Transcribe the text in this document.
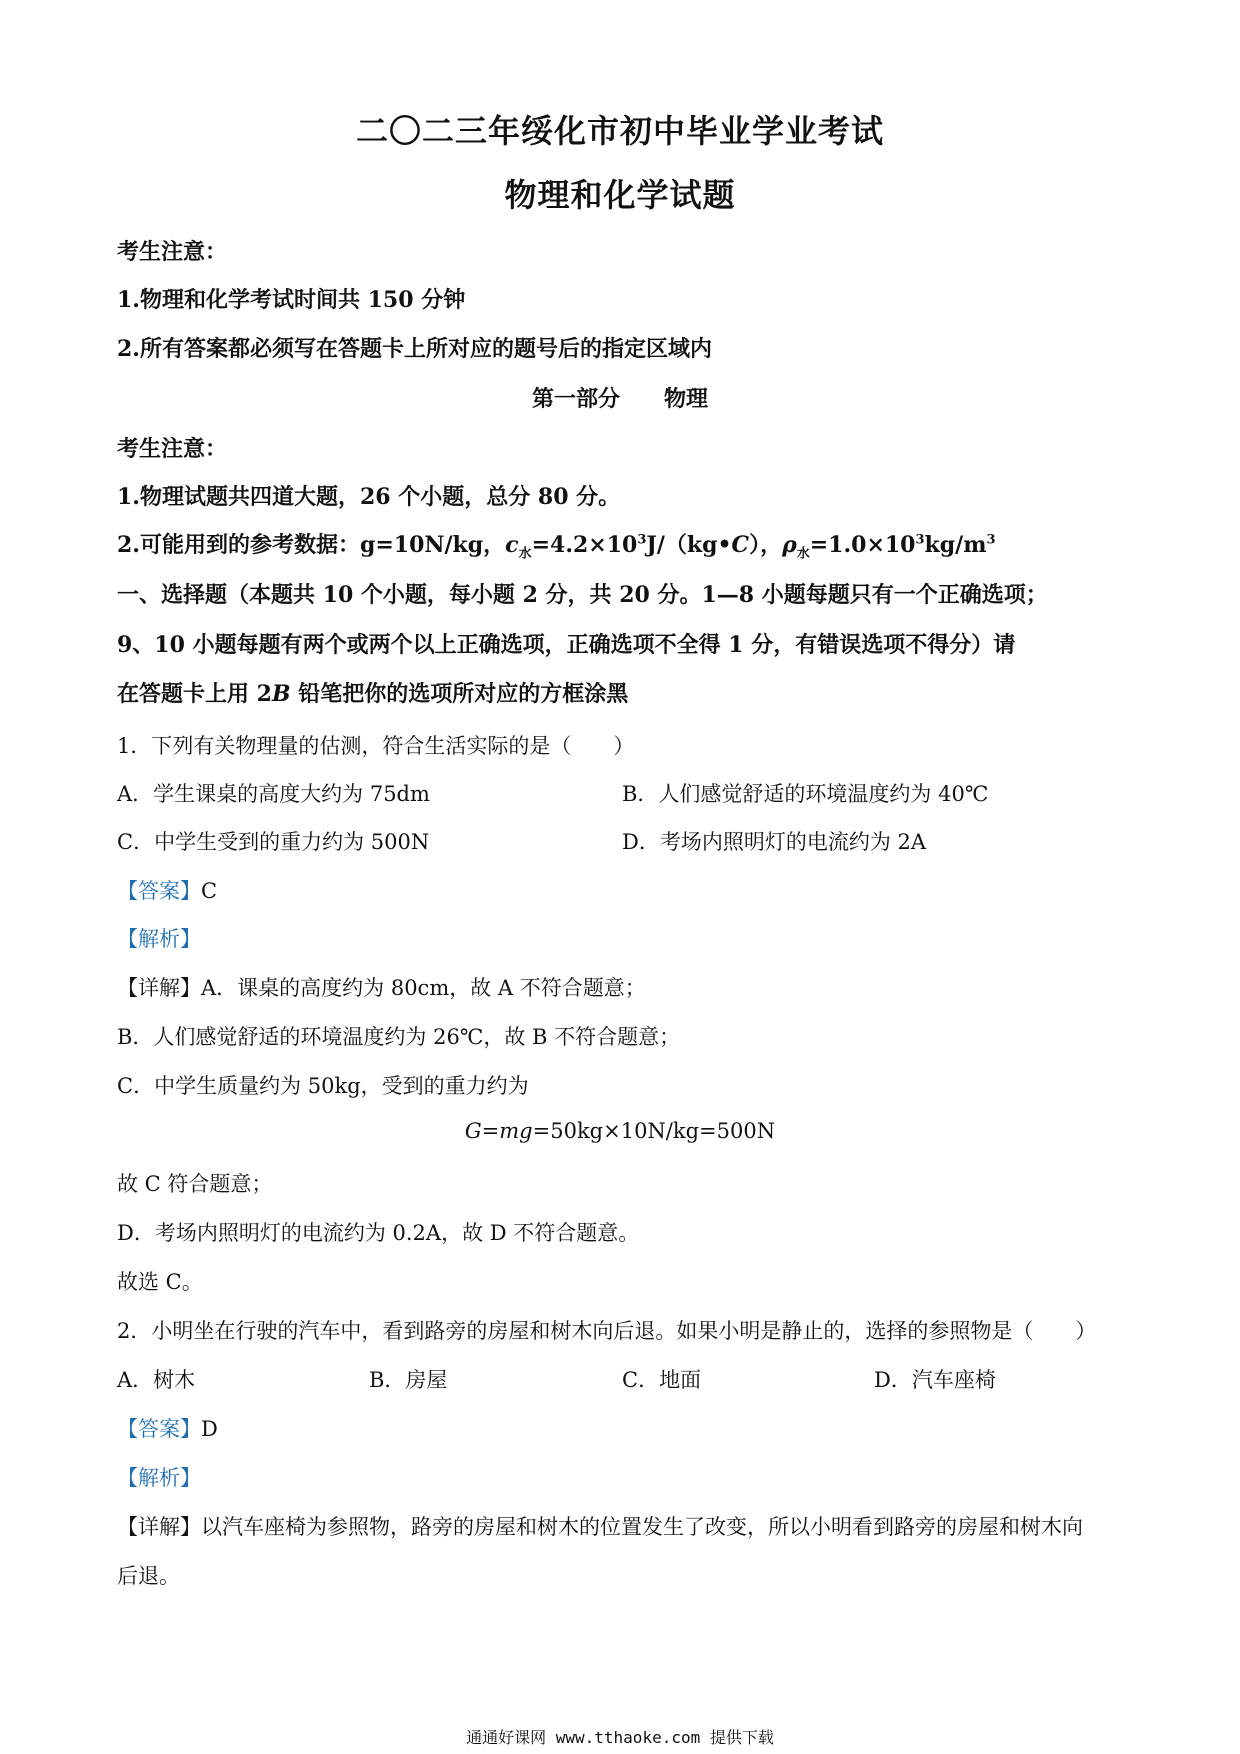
二〇二三年绥化市初中毕业学业考试
物理和化学试题
考生注意：
1.物理和化学考试时间共 150 分钟
2.所有答案都必须写在答题卡上所对应的题号后的指定区域内
第一部分　　物理
考生注意：
1.物理试题共四道大题，26 个小题，总分 80 分。
2.可能用到的参考数据：g=10N/kg，$c_水=4.2\times 10^3J/(kg•C)$，$\rho_水=1.0\times 10^3kg/m^3$
一、选择题（本题共 10 个小题，每小题 2 分，共 20 分。1—8 小题每题只有一个正确选项；
9、10 小题每题有两个或两个以上正确选项，正确选项不全得 1 分，有错误选项不得分）请
在答题卡上用 2B 铅笔把你的选项所对应的方框涂黑
1．下列有关物理量的估测，符合生活实际的是（　　）
A．学生课桌的高度大约为 75dm	B．人们感觉舒适的环境温度约为 40℃
C．中学生受到的重力约为 500N	D．考场内照明灯的电流约为 2A
【答案】C
【解析】
【详解】A．课桌的高度约为 80cm，故 A 不符合题意；
B．人们感觉舒适的环境温度约为 26℃，故 B 不符合题意；
C．中学生质量约为 50kg，受到的重力约为
G=mg=50kg×10N/kg=500N
故 C 符合题意；
D．考场内照明灯的电流约为 0.2A，故 D 不符合题意。
故选 C。
2．小明坐在行驶的汽车中，看到路旁的房屋和树木向后退。如果小明是静止的，选择的参照物是（　　）
A．树木	B．房屋	C．地面	D．汽车座椅
【答案】D
【解析】
【详解】以汽车座椅为参照物，路旁的房屋和树木的位置发生了改变，所以小明看到路旁的房屋和树木向
后退。
通通好课网 www.tthaoke.com 提供下载
